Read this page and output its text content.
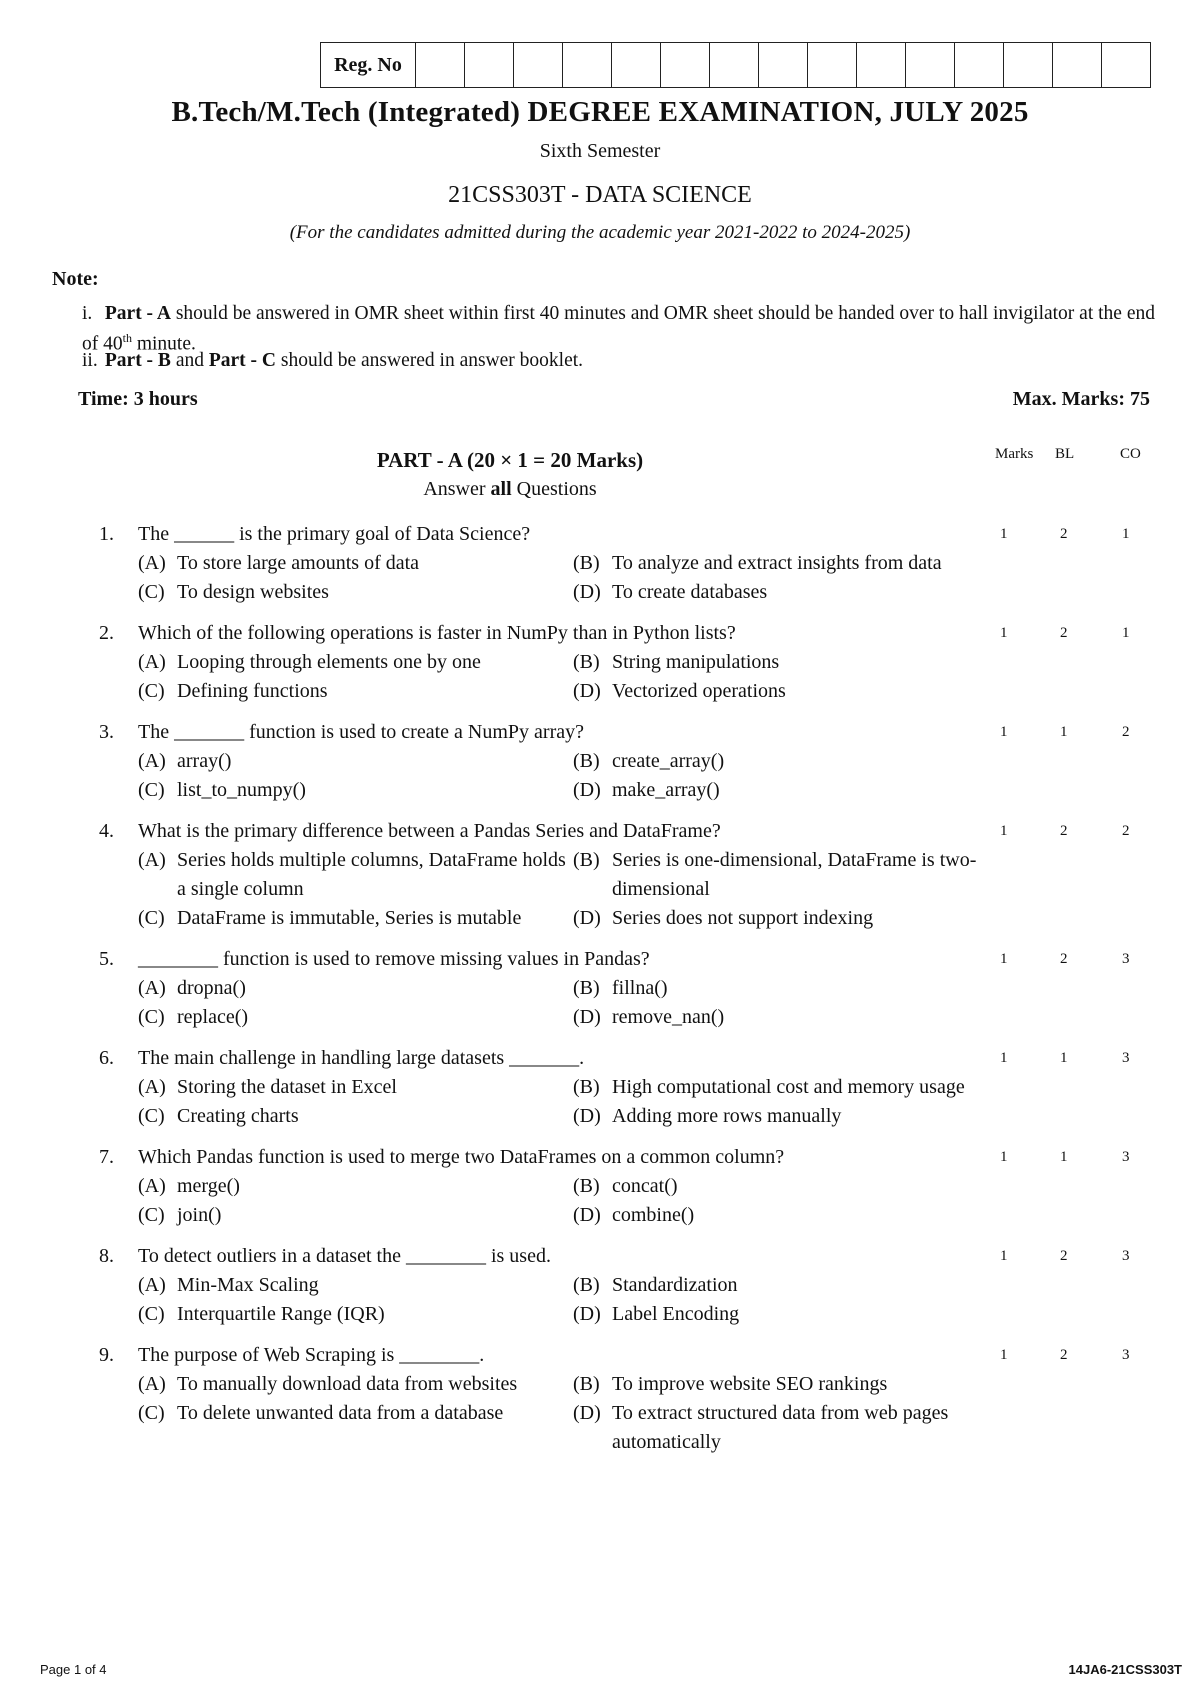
Reg. No
B.Tech/M.Tech (Integrated) DEGREE EXAMINATION, JULY 2025
Sixth Semester
21CSS303T - DATA SCIENCE
(For the candidates admitted during the academic year 2021-2022 to 2024-2025)
Note:
i. Part - A should be answered in OMR sheet within first 40 minutes and OMR sheet should be handed over to hall invigilator at the end of 40th minute.
ii. Part - B and Part - C should be answered in answer booklet.
Time: 3 hours	Max. Marks: 75
PART - A (20 × 1 = 20 Marks)
Answer all Questions
Marks BL	CO
1. The ______ is the primary goal of Data Science?	1	2	1
(A) To store large amounts of data	(B) To analyze and extract insights from data
(C) To design websites	(D) To create databases
2. Which of the following operations is faster in NumPy than in Python lists?	1	2	1
(A) Looping through elements one by one	(B) String manipulations
(C) Defining functions	(D) Vectorized operations
3. The _______ function is used to create a NumPy array?	1	1	2
(A) array()	(B) create_array()
(C) list_to_numpy()	(D) make_array()
4. What is the primary difference between a Pandas Series and DataFrame?	1	2	2
(A) Series holds multiple columns, DataFrame holds a single column
(B) Series is one-dimensional, DataFrame is two-dimensional
(C) DataFrame is immutable, Series is mutable	(D) Series does not support indexing
5. ________ function is used to remove missing values in Pandas?	1	2	3
(A) dropna()	(B) fillna()
(C) replace()	(D) remove_nan()
6. The main challenge in handling large datasets _______.	1	1	3
(A) Storing the dataset in Excel	(B) High computational cost and memory usage
(C) Creating charts	(D) Adding more rows manually
7. Which Pandas function is used to merge two DataFrames on a common column?	1	1	3
(A) merge()	(B) concat()
(C) join()	(D) combine()
8. To detect outliers in a dataset the ________ is used.	1	2	3
(A) Min-Max Scaling	(B) Standardization
(C) Interquartile Range (IQR)	(D) Label Encoding
9. The purpose of Web Scraping is ________.	1	2	3
(A) To manually download data from websites	(B) To improve website SEO rankings
(C) To delete unwanted data from a database	(D) To extract structured data from web pages automatically
Page 1 of 4	14JA6-21CSS303T
